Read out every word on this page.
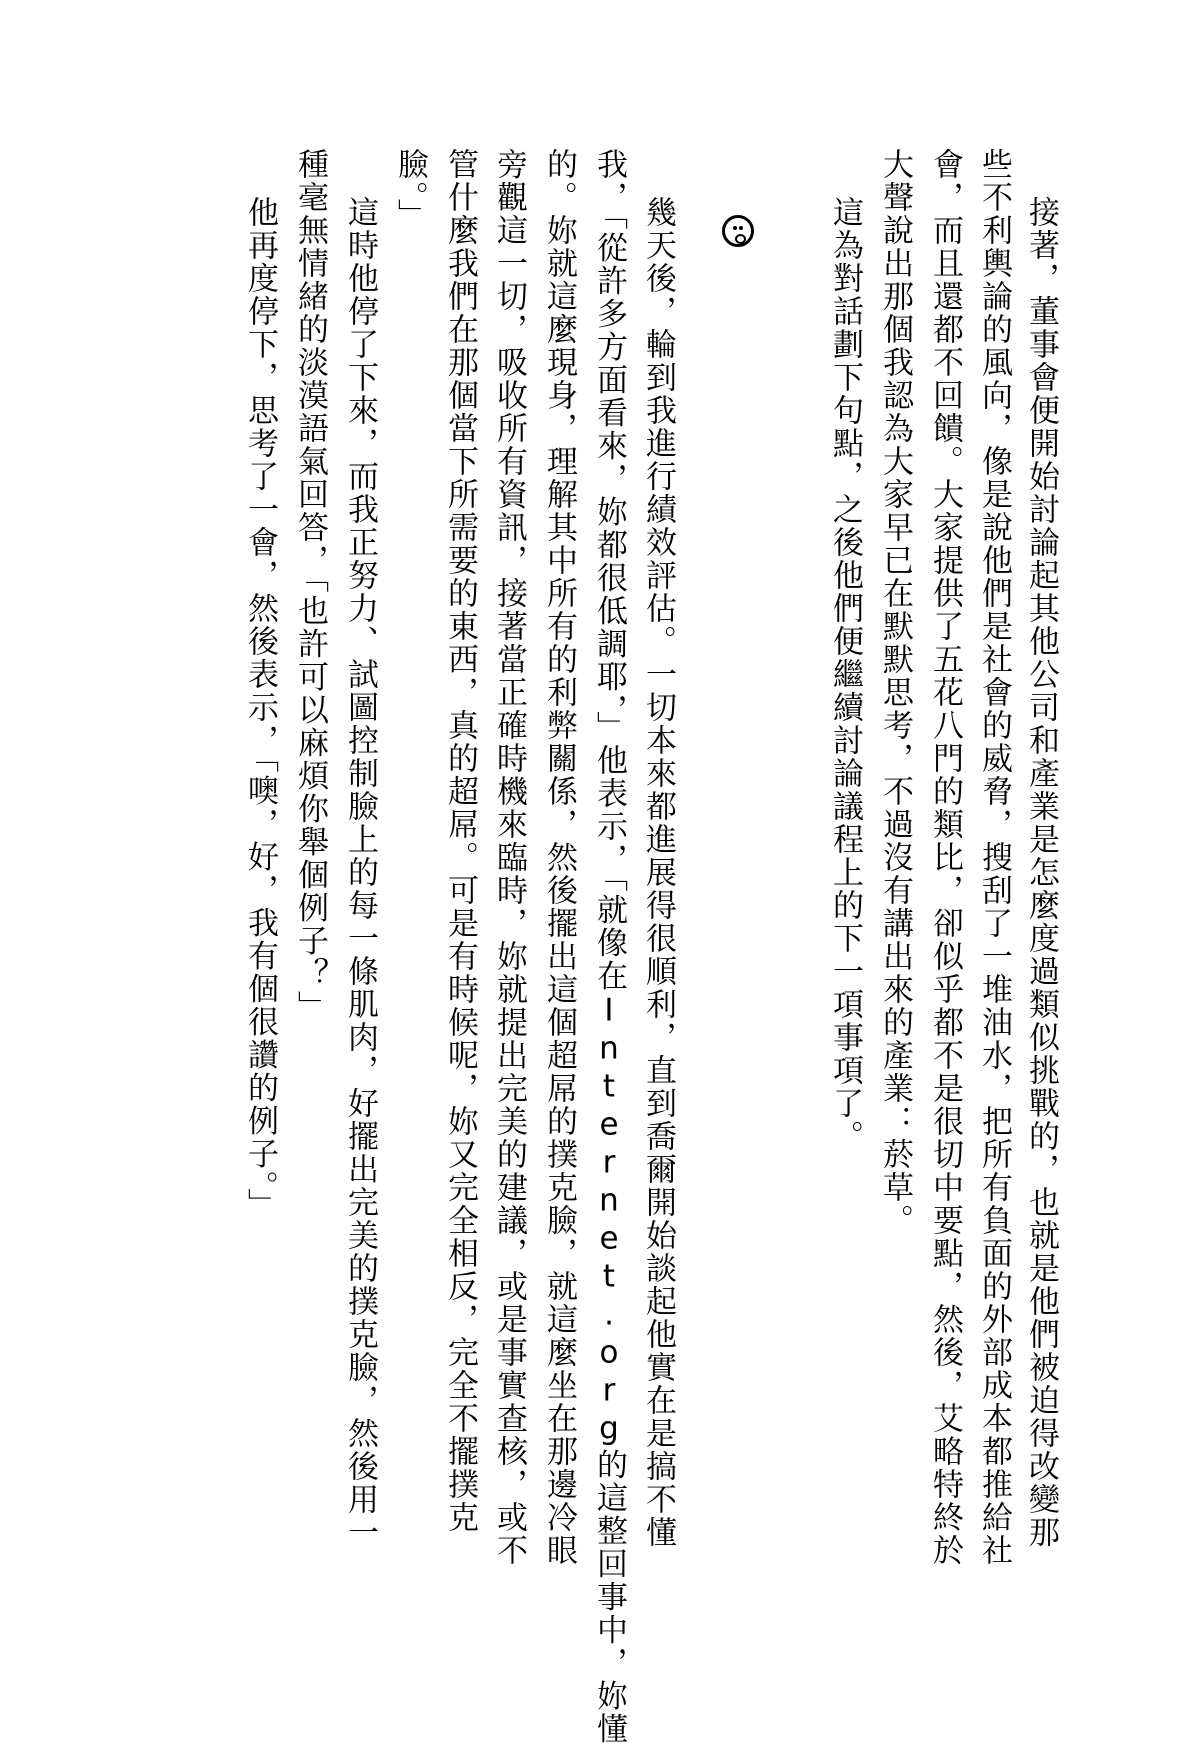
接著，董事會便開始討論起其他公司和產業是怎麼度過類似挑戰的，也就是他們被迫得改變那

些不利輿論的風向，像是說他們是社會的威脅，搜刮了一堆油水，把所有負面的外部成本都推給社

會，而且還都不回饋。大家提供了五花八門的類比，卻似乎都不是很切中要點，然後，艾略特終於

大聲說出那個我認為大家早已在默默思考，不過沒有講出來的產業：菸草。

這為對話劃下句點，之後他們便繼續討論議程上的下一項事項了。

幾天後，輪到我進行績效評估。一切本來都進展得很順利，直到喬爾開始談起他實在是搞不懂

我，「從許多方面看來，妳都很低調耶，」他表示，「就像在Internet.org的這整回事中，妳懂

的。妳就這麼現身，理解其中所有的利弊關係，然後擺出這個超屌的撲克臉，就這麼坐在那邊冷眼

旁觀這一切，吸收所有資訊，接著當正確時機來臨時，妳就提出完美的建議，或是事實查核，或不

管什麼我們在那個當下所需要的東西，真的超屌。可是有時候呢，妳又完全相反，完全不擺撲克

臉。」

這時他停了下來，而我正努力、試圖控制臉上的每一條肌肉，好擺出完美的撲克臉，然後用一

種毫無情緒的淡漠語氣回答，「也許可以麻煩你舉個例子？」

他再度停下，思考了一會，然後表示，「噢，好，我有個很讚的例子。」
